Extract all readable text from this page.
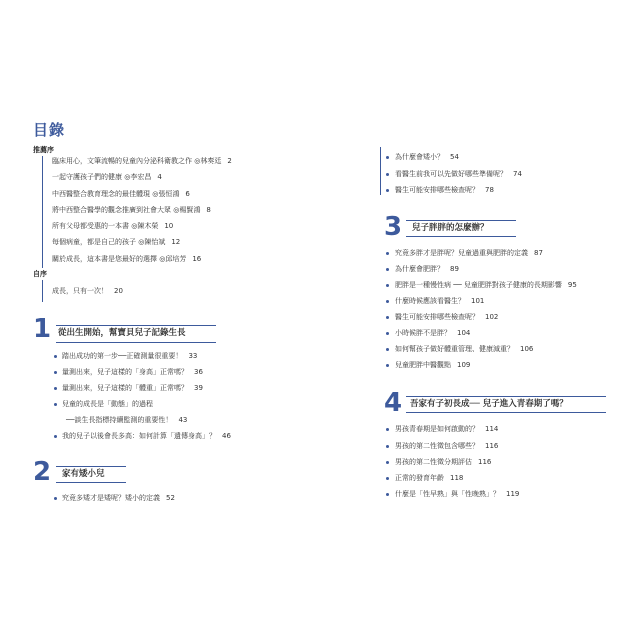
目錄
推薦序
臨床用心，文筆流暢的兒童內分泌科衛教之作 ◎林奏廷 2
一起守護孩子們的健康 ◎李宏昌 4
中西醫整合教育理念的最佳體現 ◎張恒鴻 6
將中西整合醫學的觀念推廣到社會大眾 ◎楊賢鴻 8
所有父母都受惠的一本書 ◎陳木榮 10
每個病童，都是自己的孩子 ◎陳怡斌 12
關於成長，這本書是您最好的選擇 ◎邱培芳 16
自序
成長，只有一次！ 20
1 從出生開始，幫寶貝兒子記錄生長
踏出成功的第一步──正確測量很重要！ 33
量測出來，兒子這樣的「身高」正常嗎？ 36
量測出來，兒子這樣的「體重」正常嗎？ 39
兒童的成長是「動態」的過程
──談生長指標持續監測的重要性！ 43
我的兒子以後會長多高：如何計算「遺傳身高」？ 46
2 家有矮小兒
究竟多矮才是矮呢？矮小的定義 52
為什麼會矮小？ 54
看醫生前我可以先做好哪些準備呢？ 74
醫生可能安排哪些檢查呢？ 78
3 兒子胖胖的怎麼辦？
究竟多胖才是胖呢？兒童過重與肥胖的定義 87
為什麼會肥胖？ 89
肥胖是一種慢性病 ── 兒童肥胖對孩子健康的長期影響 95
什麼時候應該看醫生？ 101
醫生可能安排哪些檢查呢？ 102
小時候胖不是胖？ 104
如何幫孩子做好體重管理、健康減重？ 106
兒童肥胖中醫觀點 109
4 吾家有子初長成── 兒子進入青春期了嗎？
男孩青春期是如何啟動的？ 114
男孩的第二性徵包含哪些？ 116
男孩的第二性徵分期評估 116
正常的發育年齡 118
什麼是「性早熟」與「性晚熟」？ 119
